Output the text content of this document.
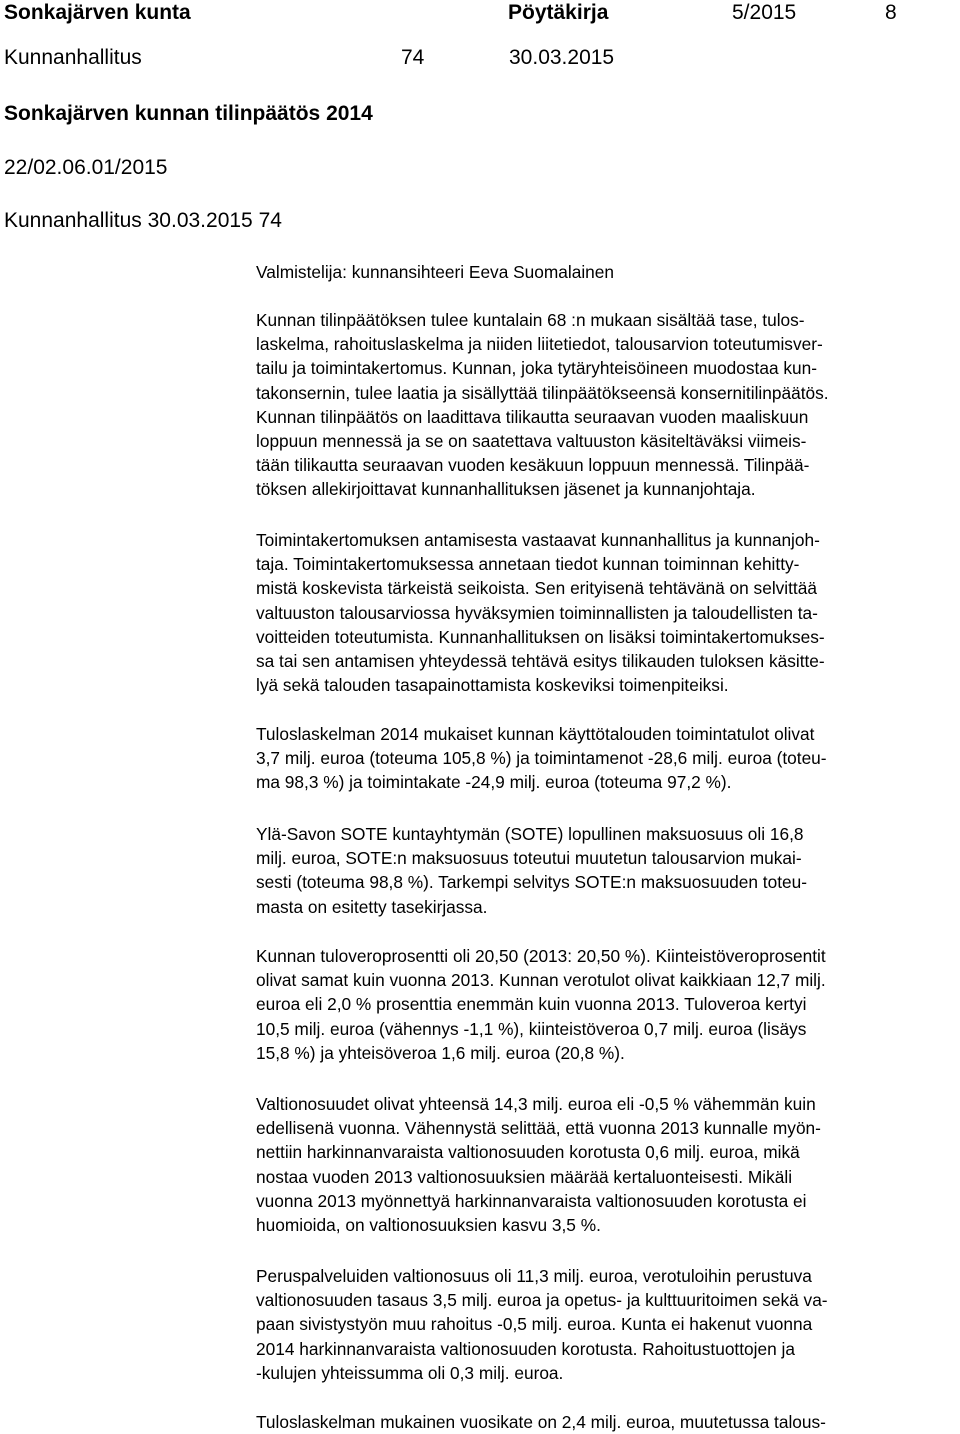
Sonkajärven kunta	Pöytäkirja	5/2015	8
Kunnanhallitus	74	30.03.2015
Sonkajärven kunnan tilinpäätös 2014
22/02.06.01/2015
Kunnanhallitus 30.03.2015 74
Valmistelija: kunnansihteeri Eeva Suomalainen
Kunnan tilinpäätöksen tulee kuntalain 68 :n mukaan sisältää tase, tulos-
laskelma, rahoituslaskelma ja niiden liitetiedot, talousarvion toteutumisver-
tailu ja toimintakertomus. Kunnan, joka tytäryhteisöineen muodostaa kun-
takonsernin, tulee laatia ja sisällyttää tilinpäätökseensä konsernitilinpäätös.
Kunnan tilinpäätös on laadittava tilikautta seuraavan vuoden maaliskuun
loppuun mennessä ja se on saatettava valtuuston käsiteltäväksi viimeis-
tään tilikautta seuraavan vuoden kesäkuun loppuun mennessä. Tilinpää-
töksen allekirjoittavat kunnanhallituksen jäsenet ja kunnanjohtaja.
Toimintakertomuksen antamisesta vastaavat kunnanhallitus ja kunnanjoh-
taja. Toimintakertomuksessa annetaan tiedot kunnan toiminnan kehitty-
mistä koskevista tärkeistä seikoista. Sen erityisenä tehtävänä on selvittää
valtuuston talousarviossa hyväksymien toiminnallisten ja taloudellisten ta-
voitteiden toteutumista. Kunnanhallituksen on lisäksi toimintakertomukses-
sa tai sen antamisen yhteydessä tehtävä esitys tilikauden tuloksen käsitte-
lyä sekä talouden tasapainottamista koskeviksi toimenpiteiksi.
Tuloslaskelman 2014 mukaiset kunnan käyttötalouden toimintatulot olivat
3,7 milj. euroa (toteuma 105,8 %) ja toimintamenot -28,6 milj. euroa (toteu-
ma 98,3 %) ja toimintakate -24,9 milj. euroa (toteuma 97,2 %).
Ylä-Savon SOTE kuntayhtymän (SOTE) lopullinen maksuosuus oli 16,8
milj. euroa, SOTE:n maksuosuus toteutui muutetun talousarvion mukai-
sesti (toteuma 98,8 %). Tarkempi selvitys SOTE:n maksuosuuden toteu-
masta on esitetty tasekirjassa.
Kunnan tuloveroprosentti oli 20,50 (2013: 20,50 %). Kiinteistöveroprosentit
olivat samat kuin vuonna 2013. Kunnan verotulot olivat kaikkiaan 12,7 milj.
euroa eli 2,0 % prosenttia enemmän kuin vuonna 2013. Tuloveroa kertyi
10,5 milj. euroa (vähennys -1,1 %), kiinteistöveroa 0,7 milj. euroa (lisäys
15,8 %) ja yhteisöveroa 1,6 milj. euroa (20,8 %).
Valtionosuudet olivat yhteensä 14,3 milj. euroa eli -0,5 % vähemmän kuin
edellisenä vuonna. Vähennystä selittää, että vuonna 2013 kunnalle myön-
nettiin harkinnanvaraista valtionosuuden korotusta 0,6 milj. euroa, mikä
nostaa vuoden 2013 valtionosuuksien määrää kertaluonteisesti. Mikäli
vuonna 2013 myönnettyä harkinnanvaraista valtionosuuden korotusta ei
huomioida, on valtionosuuksien kasvu 3,5 %.
Peruspalveluiden valtionosuus oli 11,3 milj. euroa, verotuloihin perustuva
valtionosuuden tasaus 3,5 milj. euroa ja opetus- ja kulttuuritoimen sekä va-
paan sivistystyön muu rahoitus -0,5 milj. euroa. Kunta ei hakenut vuonna
2014 harkinnanvaraista valtionosuuden korotusta. Rahoitustuottojen ja
-kulujen yhteissumma oli 0,3 milj. euroa.
Tuloslaskelman mukainen vuosikate on 2,4 milj. euroa, muutetussa talous-
